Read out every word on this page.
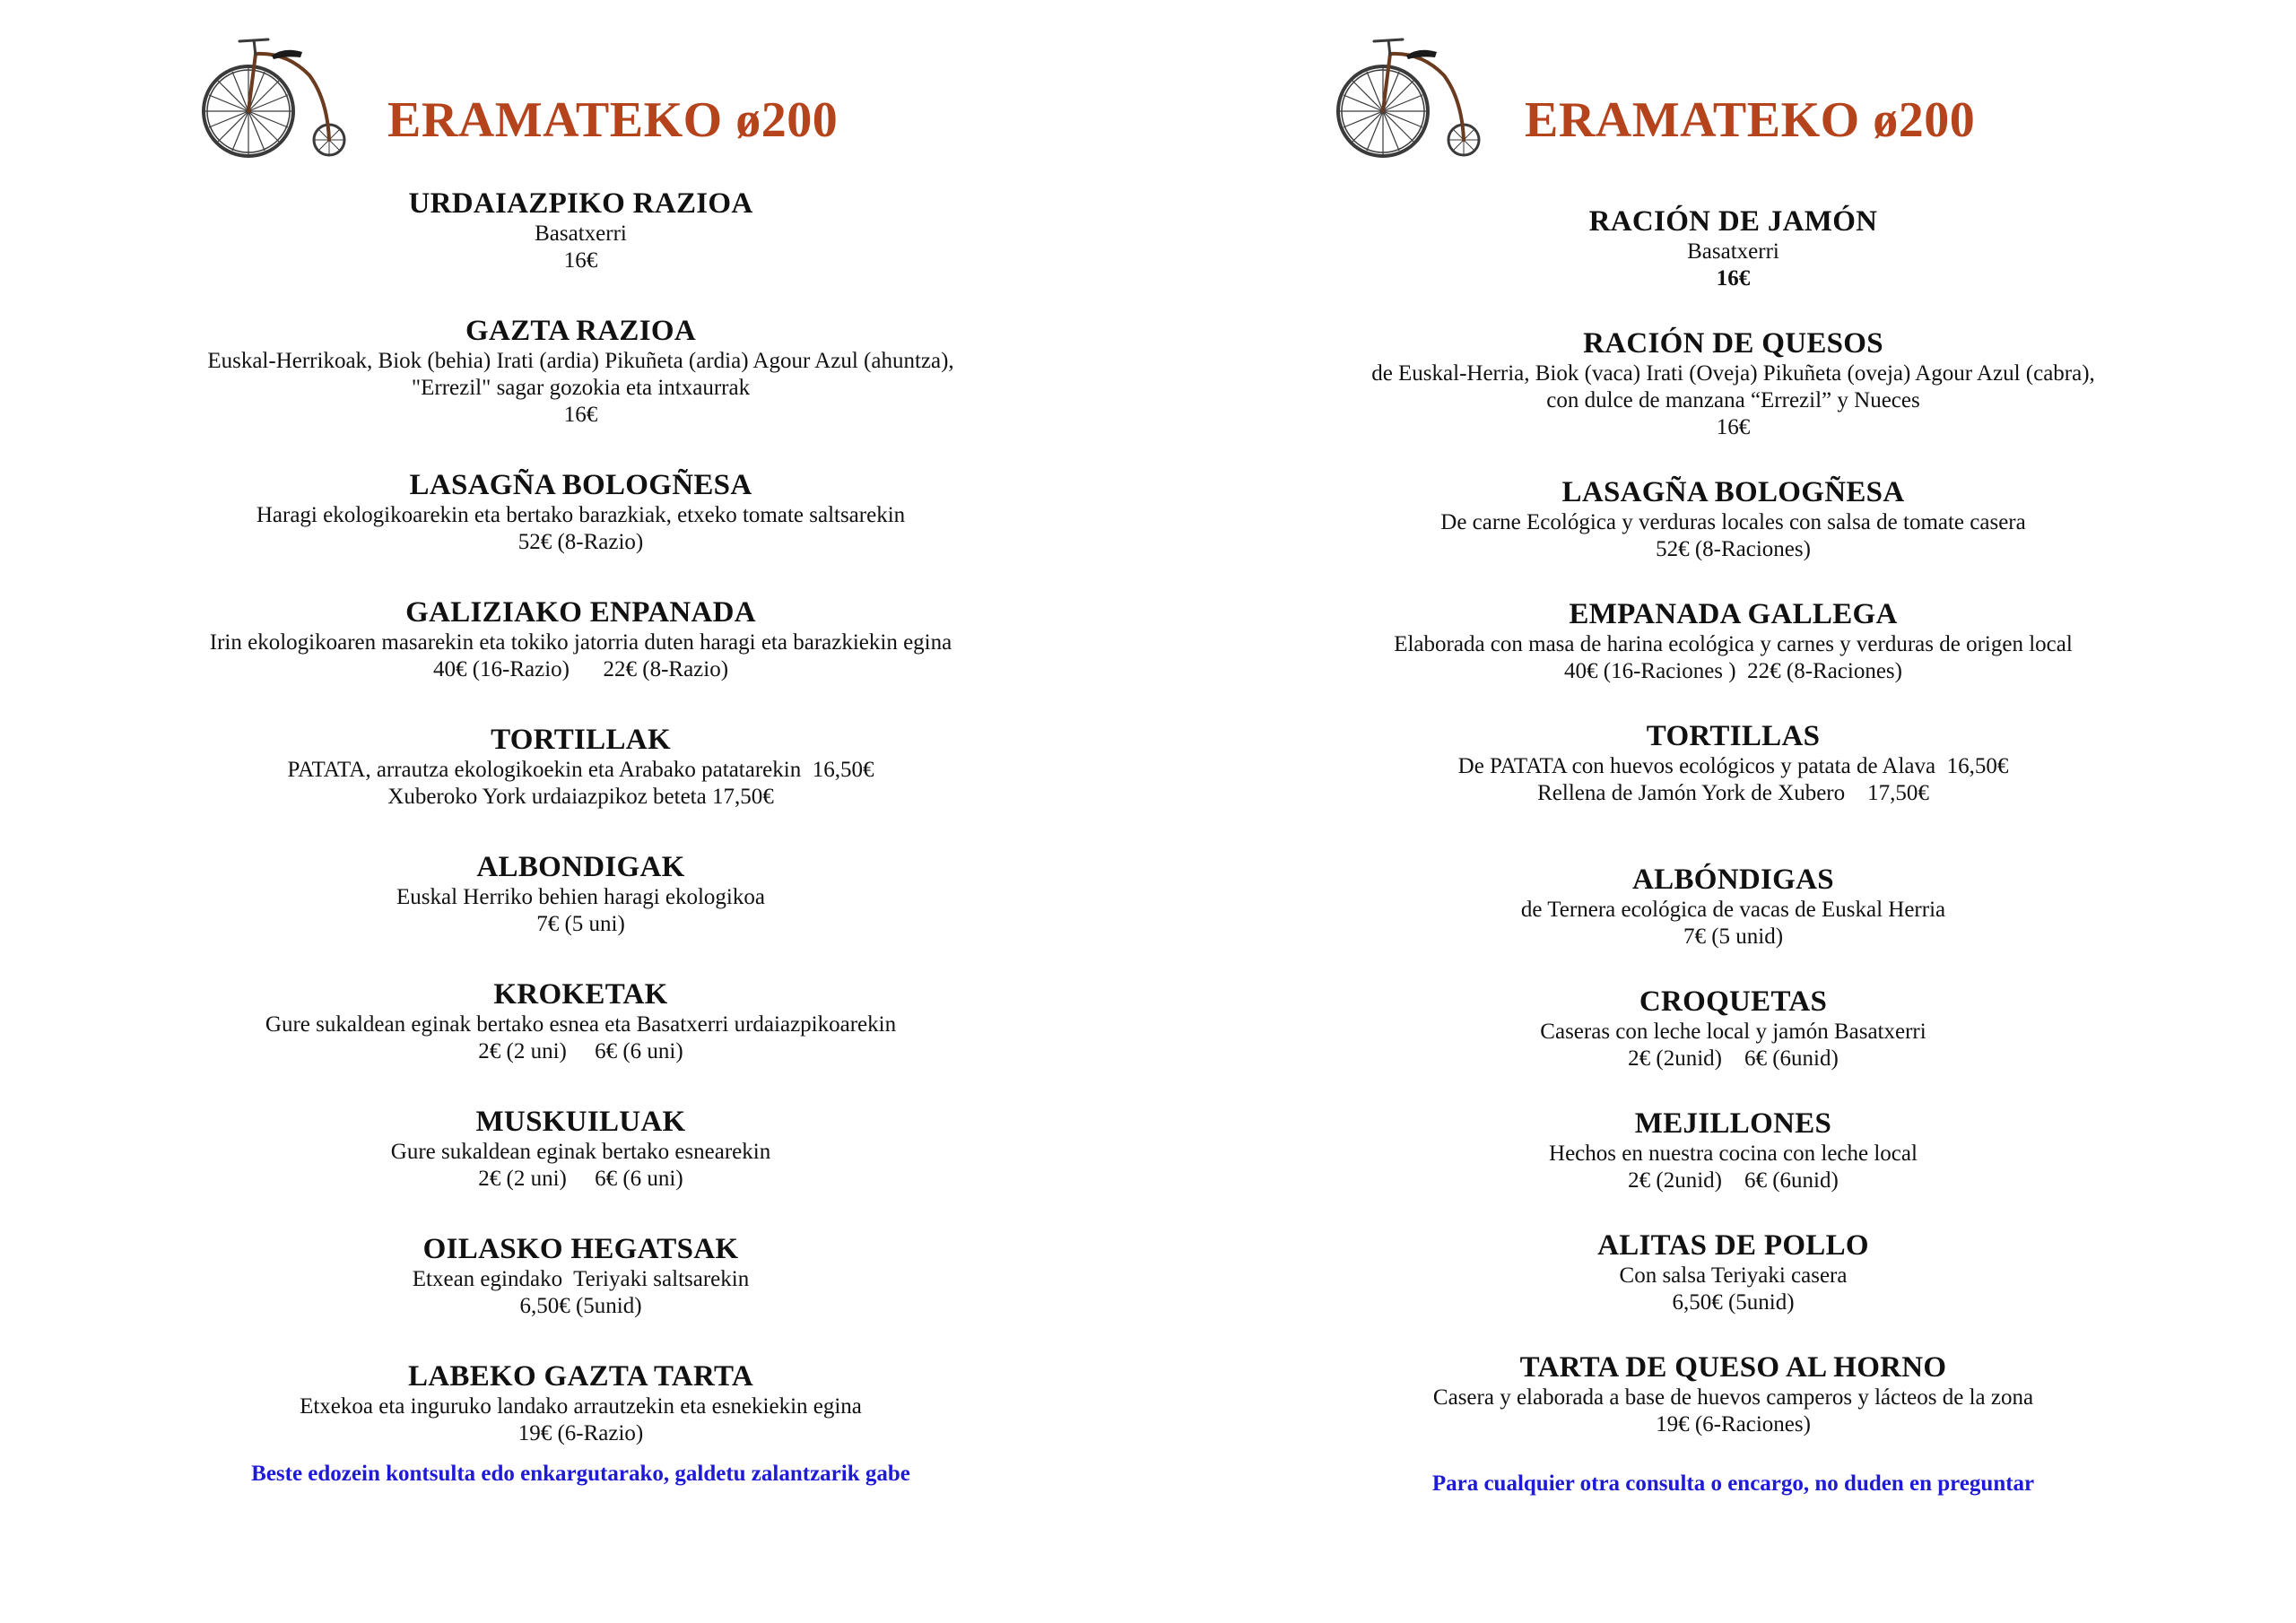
ERAMATEKO ø200
URDAIAZPIKO RAZIOA
Basatxerri
16€
GAZTA RAZIOA
Euskal-Herrikoak, Biok (behia) Irati (ardia) Pikuñeta (ardia) Agour Azul (ahuntza),
"Errezil" sagar gozokia eta intxaurrak
16€
LASAGÑA BOLOGÑESA
Haragi ekologikoarekin eta bertako barazkiak, etxeko tomate saltsarekin
52€ (8-Razio)
GALIZIAKO ENPANADA
Irin ekologikoaren masarekin eta tokiko jatorria duten haragi eta barazkiekin egina
40€ (16-Razio)      22€ (8-Razio)
TORTILLAK
PATATA, arrautza ekologikoekin eta Arabako patatarekin  16,50€
Xuberoko York urdaiazpikoz beteta 17,50€
ALBONDIGAK
Euskal Herriko behien haragi ekologikoa
7€ (5 uni)
KROKETAK
Gure sukaldean eginak bertako esnea eta Basatxerri urdaiazpikoarekin
2€ (2 uni)     6€ (6 uni)
MUSKUILUAK
Gure sukaldean eginak bertako esnearekin
2€ (2 uni)     6€ (6 uni)
OILASKO HEGATSAK
Etxean egindako  Teriyaki saltsarekin
6,50€ (5unid)
LABEKO GAZTA TARTA
Etxekoa eta inguruko landako arrautzekin eta esnekiekin egina
19€ (6-Razio)
Beste edozein kontsulta edo enkargutarako, galdetu zalantzarik gabe
ERAMATEKO ø200
RACIÓN DE JAMÓN
Basatxerri
16€
RACIÓN DE QUESOS
de Euskal-Herria, Biok (vaca) Irati (Oveja) Pikuñeta (oveja) Agour Azul (cabra),
con dulce de manzana “Errezil” y Nueces
16€
LASAGÑA BOLOGÑESA
De carne Ecológica y verduras locales con salsa de tomate casera
52€ (8-Raciones)
EMPANADA GALLEGA
Elaborada con masa de harina ecológica y carnes y verduras de origen local
40€ (16-Raciones )  22€ (8-Raciones)
TORTILLAS
De PATATA con huevos ecológicos y patata de Alava  16,50€
Rellena de Jamón York de Xubero    17,50€
ALBÓNDIGAS
de Ternera ecológica de vacas de Euskal Herria
7€ (5 unid)
CROQUETAS
Caseras con leche local y jamón Basatxerri
2€ (2unid)    6€ (6unid)
MEJILLONES
Hechos en nuestra cocina con leche local
2€ (2unid)    6€ (6unid)
ALITAS DE POLLO
Con salsa Teriyaki casera
6,50€ (5unid)
TARTA DE QUESO AL HORNO
Casera y elaborada a base de huevos camperos y lácteos de la zona
19€ (6-Raciones)
Para cualquier otra consulta o encargo, no duden en preguntar
